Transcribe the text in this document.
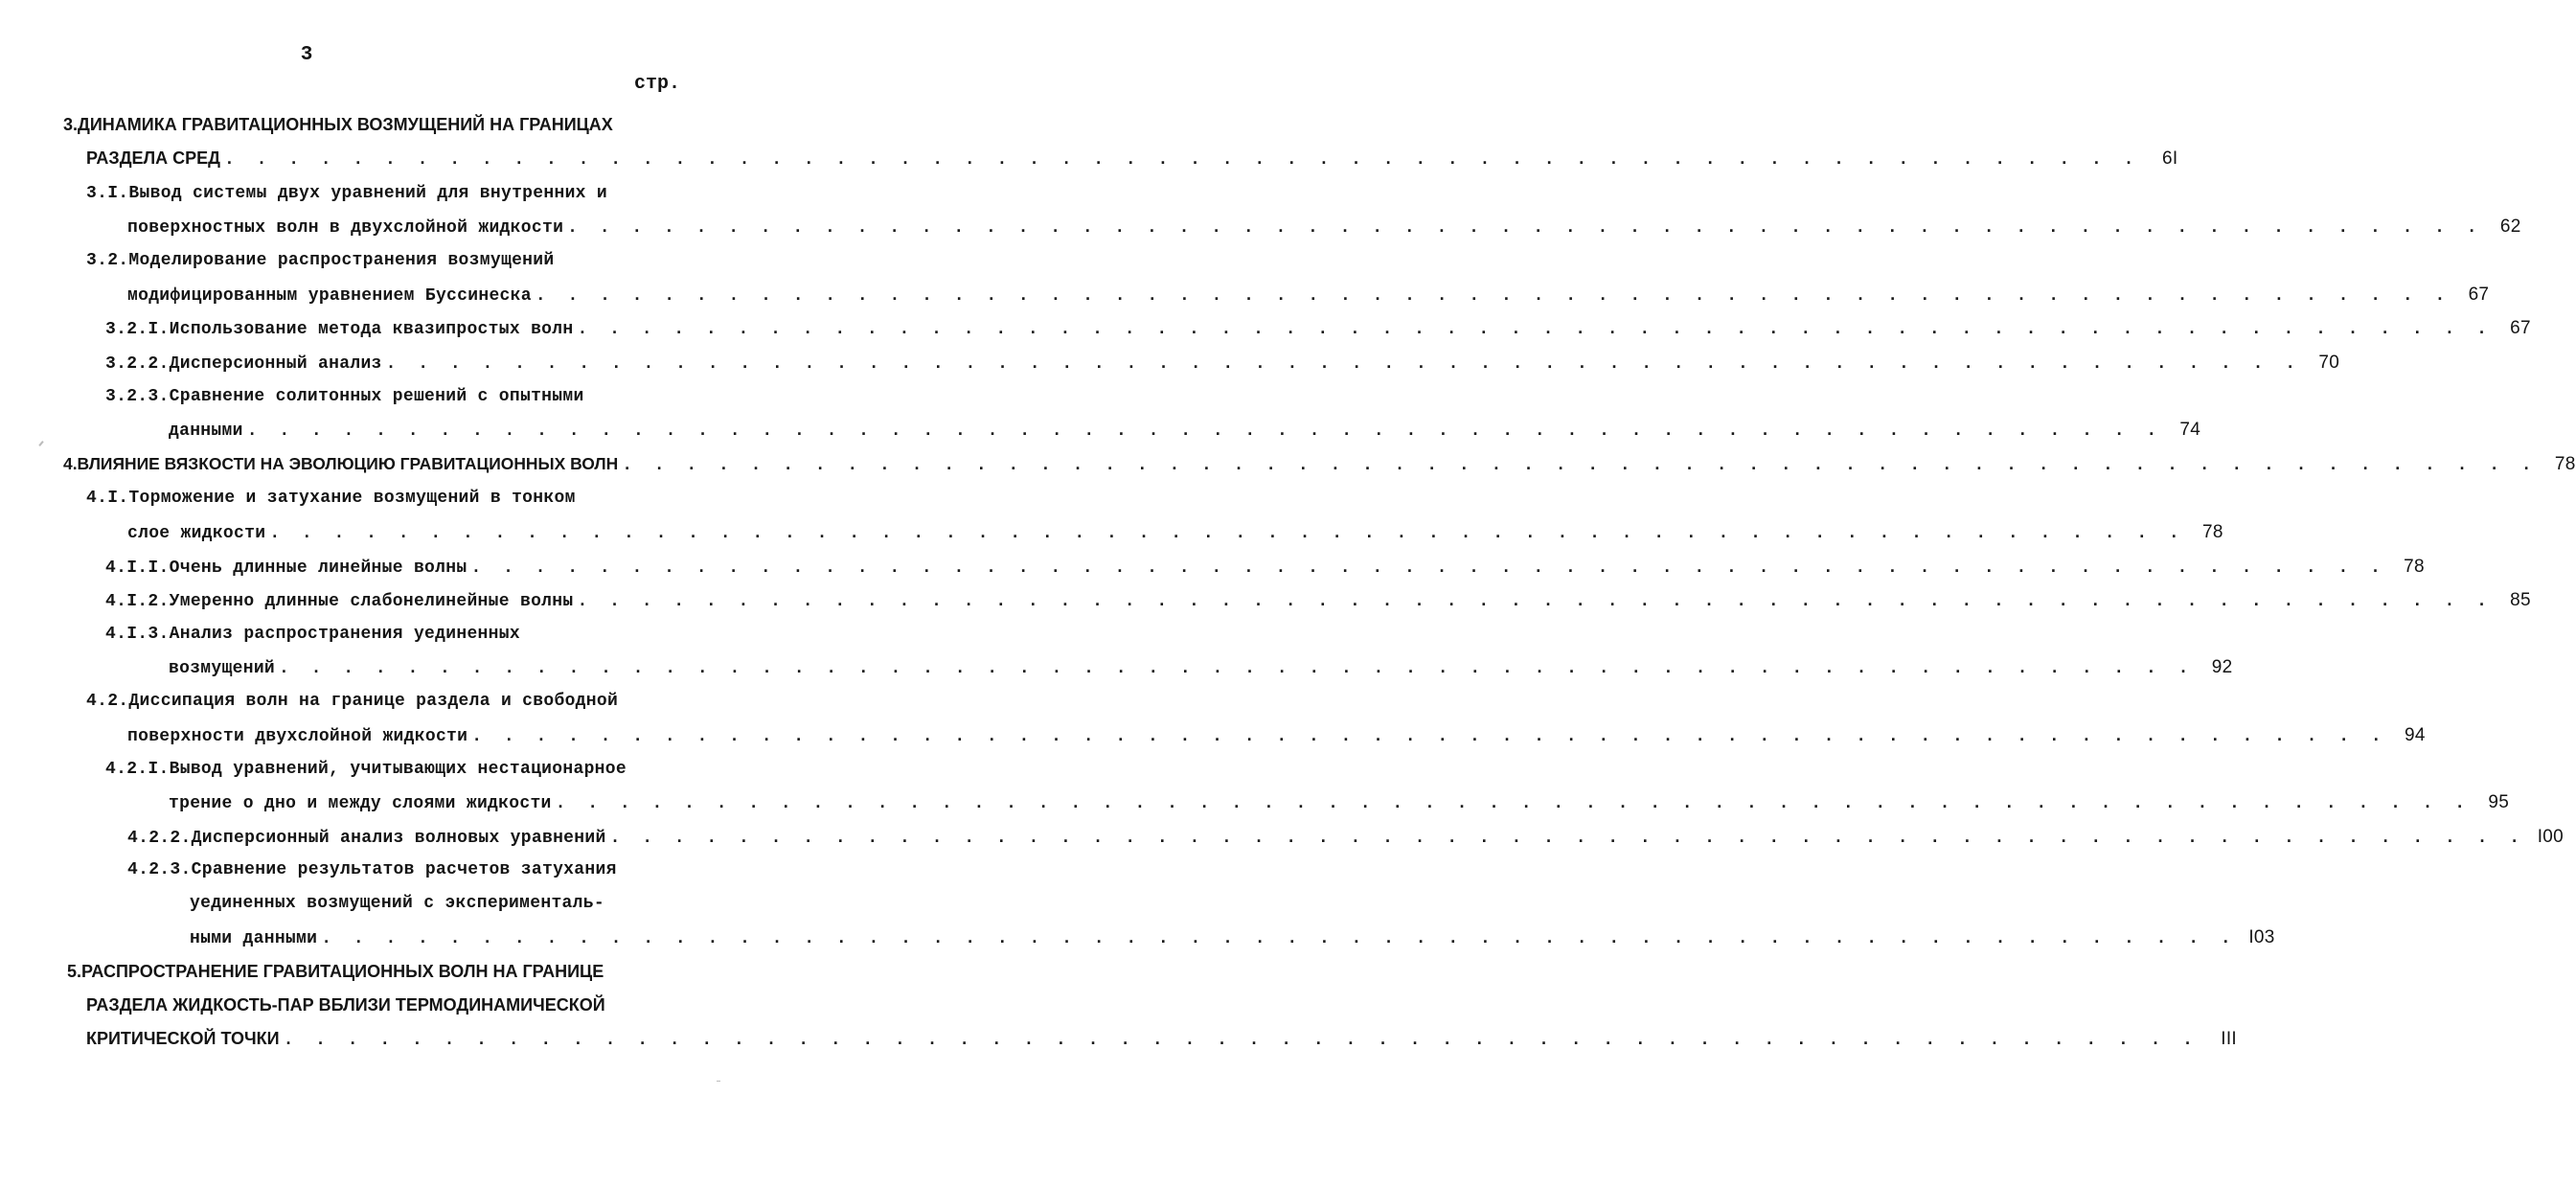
3
стр.
3.ДИНАМИКА ГРАВИТАЦИОННЫХ ВОЗМУЩЕНИЙ НА ГРАНИЦАХ
РАЗДЕЛА СРЕД . . . . . . . . . . . . . . . . . . . . . . . . . . . . . . . . . . . . . . . . . . . . . . . . . . . . . . . . . . . .	6I
3.I.Вывод системы двух уравнений для внутренних и
поверхностных волн в двухслойной жидкости . . . . . . . . . . . . . . . . . . . . . . . . . . . . . . . . . . . . . . . . . . . . . . . . . . . . . . . . . . . . 62
3.2.Моделирование распространения возмущений
модифицированным уравнением Буссинеска . . . . . . . . . . . . . . . . . . . . . . . . . . . . . . . . . . . . . . . . . . . . . . . . . . . . . . . . . . . . 67
3.2.I.Использование метода квазипростых волн . . . . . . . . . . . . . . . . . . . . . . . . . . . . . . . . . . . . . . . . . . . . . . . . . . . . . . . . . . . . 67
3.2.2.Дисперсионный анализ . . . . . . . . . . . . . . . . . . . . . . . . . . . . . . . . . . . . . . . . . . . . . . . . . . . . . . . . . . . . 70
3.2.3.Сравнение солитонных решений с опытными
данными . . . . . . . . . . . . . . . . . . . . . . . . . . . . . . . . . . . . . . . . . . . . . . . . . . . . . . . . . . . . 74
4.ВЛИЯНИЕ ВЯЗКОСТИ НА ЭВОЛЮЦИЮ ГРАВИТАЦИОННЫХ ВОЛН . . . . . . . . . . . . . . . . . . . . . . . . . . . . . . . . . . . . . . . . . . . . . . . . . . . . . . . . . . . . 78
4.I.Торможение и затухание возмущений в тонком
слое жидкости . . . . . . . . . . . . . . . . . . . . . . . . . . . . . . . . . . . . . . . . . . . . . . . . . . . . . . . . . . . . 78
4.I.I.Очень длинные линейные волны . . . . . . . . . . . . . . . . . . . . . . . . . . . . . . . . . . . . . . . . . . . . . . . . . . . . . . . . . . . . 78
4.I.2.Умеренно длинные слабонелинейные волны . . . . . . . . . . . . . . . . . . . . . . . . . . . . . . . . . . . . . . . . . . . . . . . . . . . . . . . . . . . . 85
4.I.3.Анализ распространения уединенных
возмущений . . . . . . . . . . . . . . . . . . . . . . . . . . . . . . . . . . . . . . . . . . . . . . . . . . . . . . . . . . . . 92
4.2.Диссипация волн на границе раздела и свободной
поверхности двухслойной жидкости . . . . . . . . . . . . . . . . . . . . . . . . . . . . . . . . . . . . . . . . . . . . . . . . . . . . . . . . . . . . 94
4.2.I.Вывод уравнений, учитывающих нестационарное
трение о дно и между слоями жидкости . . . . . . . . . . . . . . . . . . . . . . . . . . . . . . . . . . . . . . . . . . . . . . . . . . . . . . . . . . . . 95
4.2.2.Дисперсионный анализ волновых уравнений . . . . . . . . . . . . . . . . . . . . . . . . . . . . . . . . . . . . . . . . . . . . . . . . . . . . . . . . . . . . I00
4.2.3.Сравнение результатов расчетов затухания
уединенных возмущений с эксперименталь-
ными данными . . . . . . . . . . . . . . . . . . . . . . . . . . . . . . . . . . . . . . . . . . . . . . . . . . . . . . . . . . . . I03
5.РАСПРОСТРАНЕНИЕ ГРАВИТАЦИОННЫХ ВОЛН НА ГРАНИЦЕ
РАЗДЕЛА ЖИДКОСТЬ-ПАР ВБЛИЗИ ТЕРМОДИНАМИЧЕСКОЙ
КРИТИЧЕСКОЙ ТОЧКИ . . . . . . . . . . . . . . . . . . . . . . . . . . . . . . . . . . . . . . . . . . . . . . . . . . . . . . . . . . . .	III
